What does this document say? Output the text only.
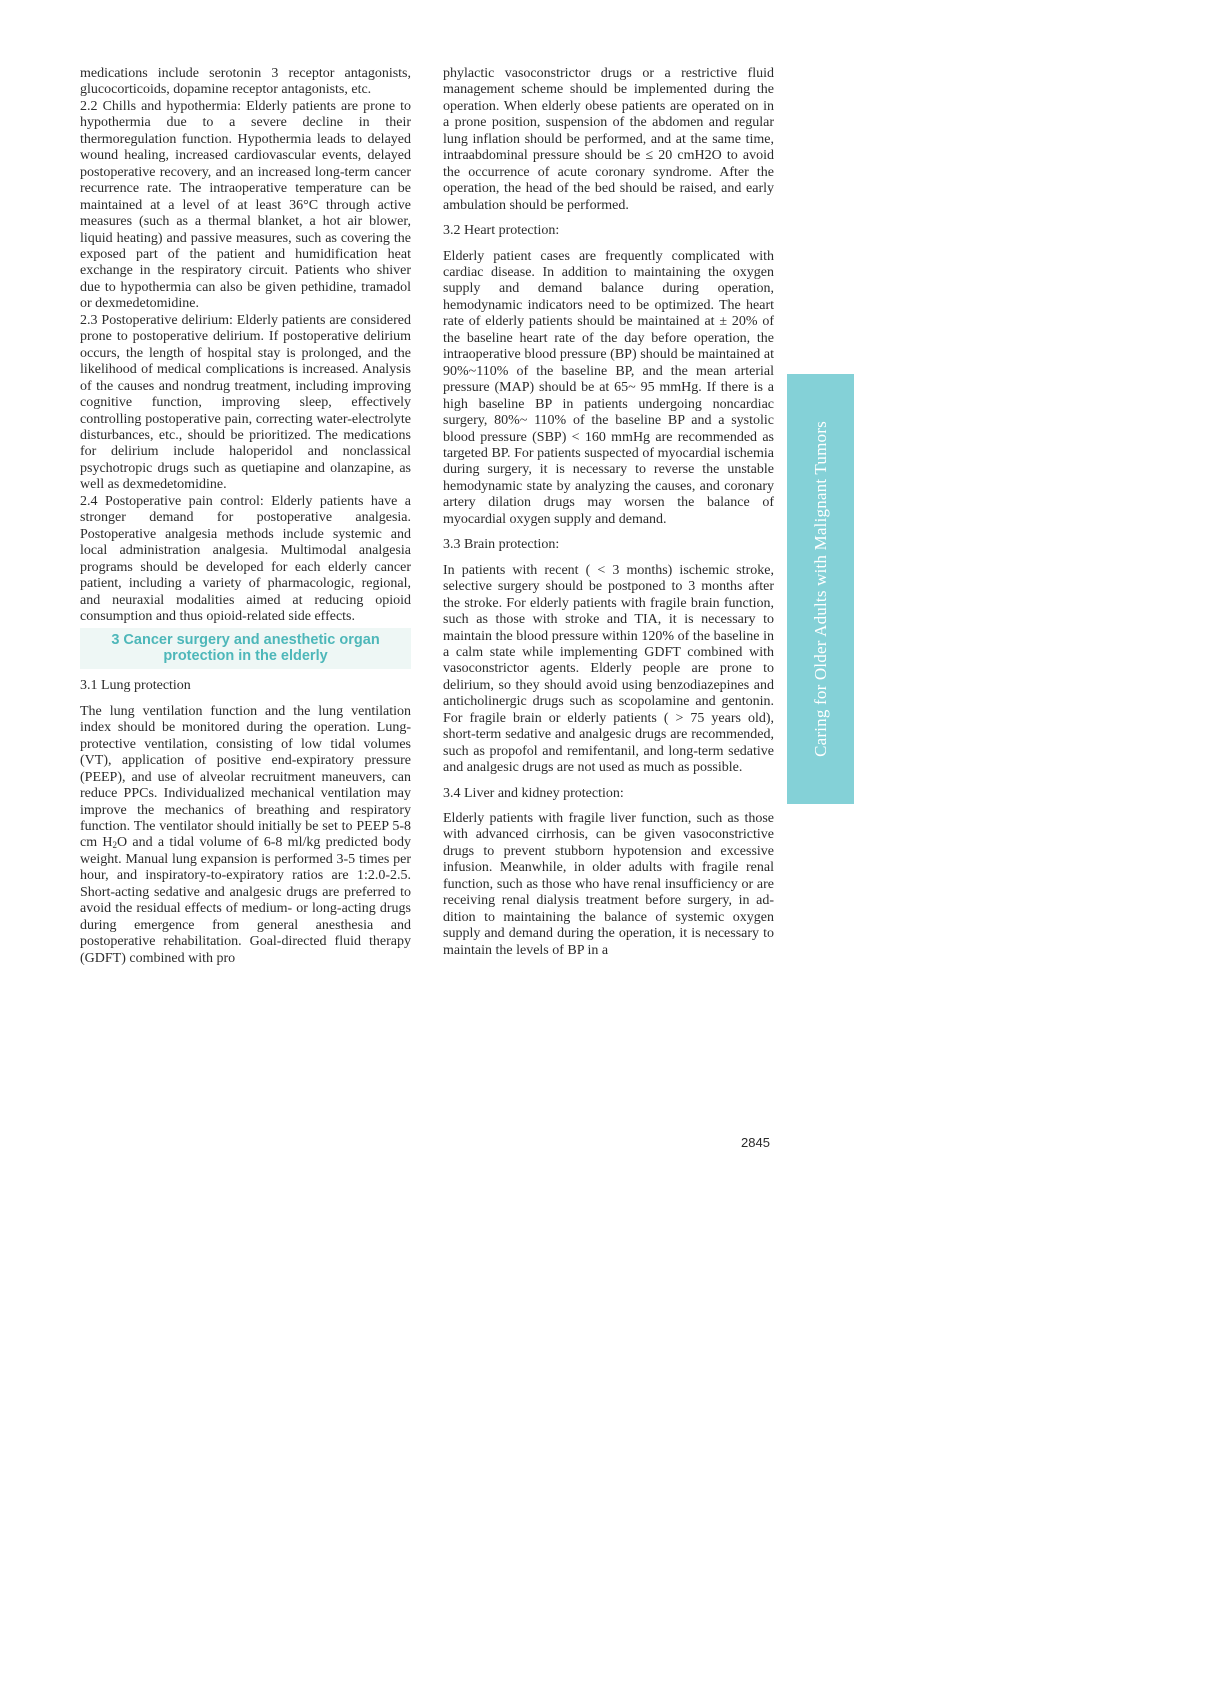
medications include serotonin 3 receptor antagonists, glucocorticoids, dopamine receptor antagonists, etc.

2.2 Chills and hypothermia: Elderly patients are prone to hypothermia due to a severe decline in their thermoregulation function. Hypothermia leads to delayed wound healing, increased cardiovascular events, delayed postoperative recovery, and an increased long-term cancer recurrence rate. The intraoperative temperature can be maintained at a level of at least 36°C through active measures (such as a thermal blanket, a hot air blower, liquid heating) and passive measures, such as covering the exposed part of the patient and humidification heat exchange in the respiratory circuit. Patients who shiver due to hypothermia can also be given pethidine, tramadol or dexmedetomidine.

2.3 Postoperative delirium: Elderly patients are considered prone to postoperative delirium. If postoperative delirium occurs, the length of hospital stay is prolonged, and the likelihood of medical complications is increased. Analysis of the causes and nondrug treatment, including improving cognitive function, improving sleep, effectively controlling postoperative pain, correcting water-electrolyte disturbances, etc., should be prioritized. The medications for delirium include haloperidol and nonclassical psychotropic drugs such as quetiapine and olanzapine, as well as dexmedetomidine.

2.4 Postoperative pain control: Elderly patients have a stronger demand for postoperative analgesia. Postoperative analgesia methods include systemic and local administration analgesia. Multimodal analgesia programs should be developed for each elderly cancer patient, including a variety of pharmacologic, regional, and neuraxial modalities aimed at reducing opioid consumption and thus opioid-related side effects.

3 Cancer surgery and anesthetic organ protection in the elderly

3.1 Lung protection

The lung ventilation function and the lung ventilation index should be monitored during the operation. Lung-protective ventilation, consisting of low tidal volumes (VT), application of positive end-expiratory pressure (PEEP), and use of alveolar recruitment maneuvers, can reduce PPCs. Individualized mechanical ventilation may improve the mechanics of breathing and respiratory function. The ventilator should initially be set to PEEP 5-8 cm $H_2O$ and a tidal volume of 6-8 ml/kg predicted body weight. Manual lung expansion is performed 3-5 times per hour, and inspiratory-to-expiratory ratios are 1:2.0-2.5. Short-acting sedative and analgesic drugs are preferred to avoid the residual effects of medium- or long-acting drugs during emergence from general anesthesia and postoperative rehabilitation. Goal-directed fluid therapy (GDFT) combined with pro

phylactic vasoconstrictor drugs or a restrictive fluid management scheme should be implemented during the operation. When elderly obese patients are operated on in a prone position, suspension of the abdomen and regular lung inflation should be performed, and at the same time, intraabdominal pressure should be ≤ 20 cmH2O to avoid the occurrence of acute coronary syndrome. After the operation, the head of the bed should be raised, and early ambulation should be performed.

3.2 Heart protection:

Elderly patient cases are frequently complicated with cardiac disease. In addition to maintaining the oxygen supply and demand balance during operation, hemodynamic indicators need to be optimized. The heart rate of elderly patients should be maintained at ± 20% of the baseline heart rate of the day before operation, the intraoperative blood pressure (BP) should be maintained at 90%~110% of the baseline BP, and the mean arterial pressure (MAP) should be at 65~ 95 mmHg. If there is a high baseline BP in patients undergoing noncardiac surgery, 80%~ 110% of the baseline BP and a systolic blood pressure (SBP) < 160 mmHg are recommended as targeted BP. For patients suspected of myocardial ischemia during surgery, it is necessary to reverse the unstable hemodynamic state by analyzing the causes, and coronary artery dilation drugs may worsen the balance of myocardial oxygen supply and demand.

3.3 Brain protection:

In patients with recent ( < 3 months) ischemic stroke, selective surgery should be postponed to 3 months after the stroke. For elderly patients with fragile brain function, such as those with stroke and TIA, it is necessary to maintain the blood pressure within 120% of the baseline in a calm state while implementing GDFT combined with vasoconstrictor agents. Elderly people are prone to delirium, so they should avoid using benzodiazepines and anticholinergic drugs such as scopolamine and gentonin. For fragile brain or elderly patients ( > 75 years old), short-term sedative and analgesic drugs are recommended, such as propofol and remifentanil, and long-term sedative and analgesic drugs are not used as much as possible.

3.4 Liver and kidney protection:

Elderly patients with fragile liver function, such as those with advanced cirrhosis, can be given vasoconstrictive drugs to prevent stubborn hypotension and excessive infusion. Meanwhile, in older adults with fragile renal function, such as those who have renal insufficiency or are receiving renal dialysis treatment before surgery, in addition to maintaining the balance of systemic oxygen supply and demand during the operation, it is necessary to maintain the levels of BP in a

Caring for Older Adults with Malignant Tumors
2845
